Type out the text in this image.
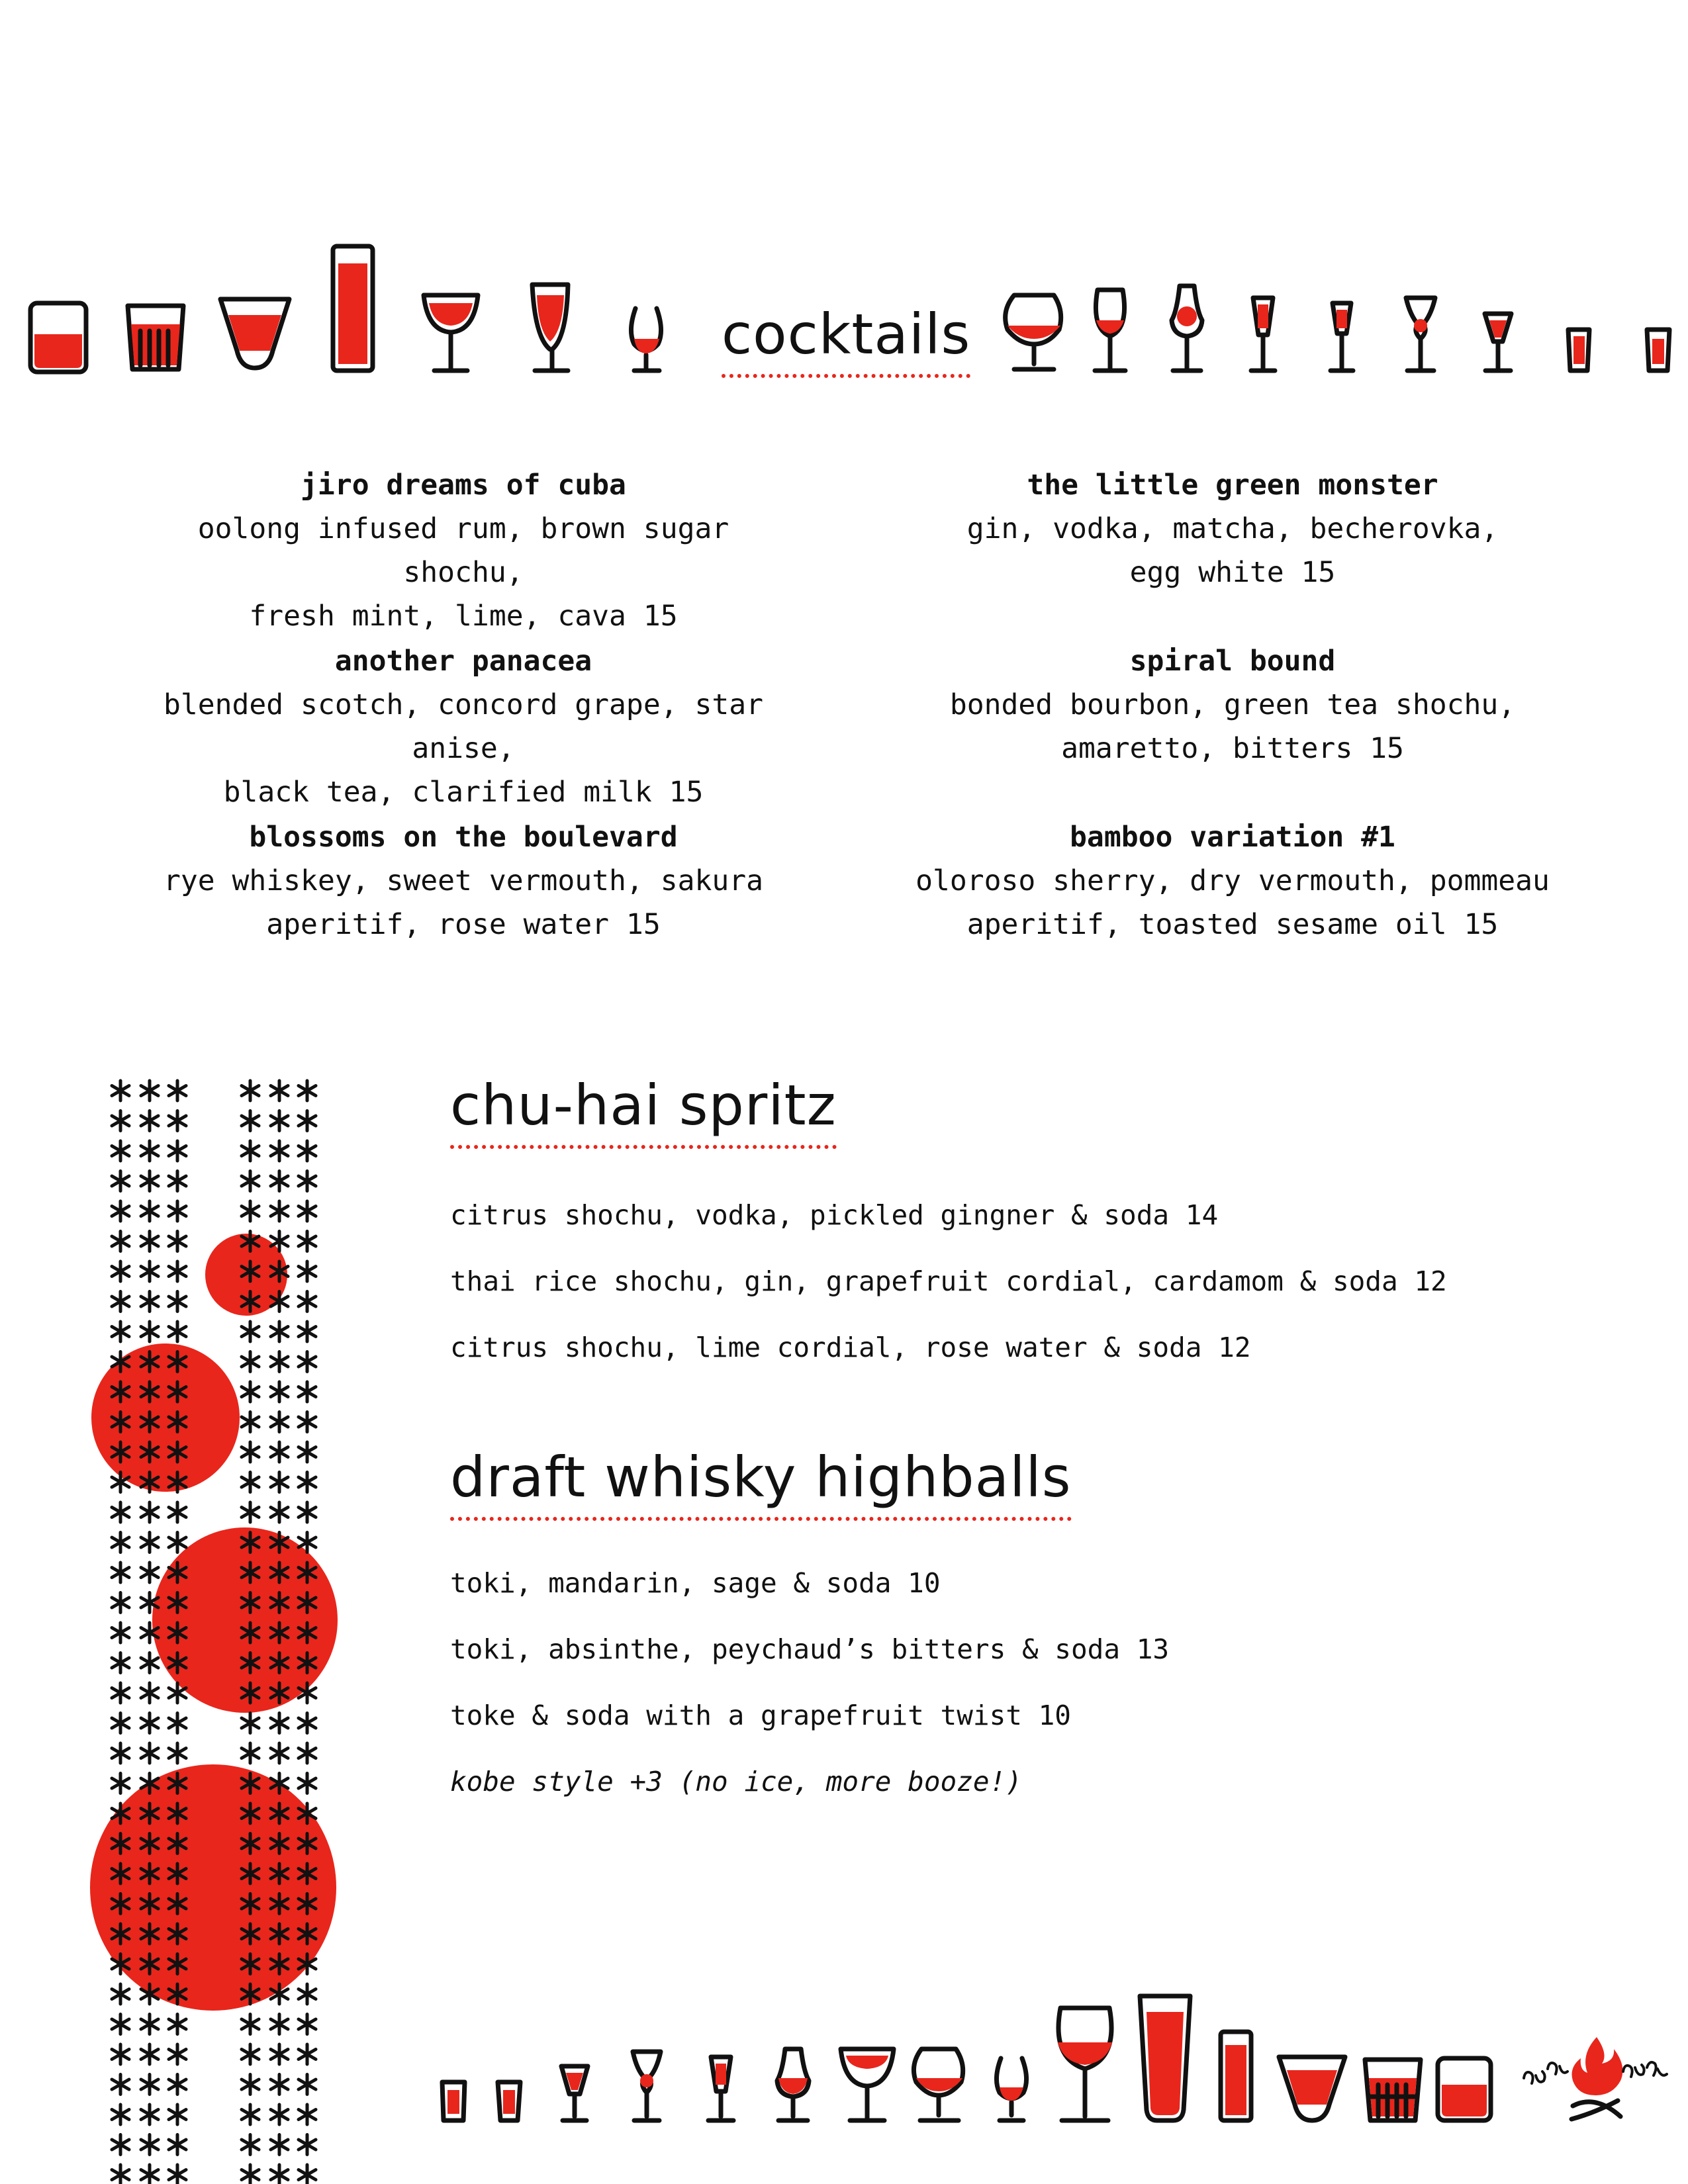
cocktails
jiro dreams of cuba
oolong infused rum, brown sugar shochu,
fresh mint, lime, cava 15
another panacea
blended scotch, concord grape, star anise,
black tea, clarified milk 15
blossoms on the boulevard
rye whiskey, sweet vermouth, sakura
aperitif, rose water 15
the little green monster
gin, vodka, matcha, becherovka,
egg white 15
spiral bound
bonded bourbon, green tea shochu,
amaretto, bitters 15
bamboo variation #1
oloroso sherry, dry vermouth, pommeau
aperitif, toasted sesame oil 15
chu-hai spritz
citrus shochu, vodka, pickled gingner & soda 14
thai rice shochu, gin, grapefruit cordial, cardamom & soda 12
citrus shochu, lime cordial, rose water & soda 12
draft whisky highballs
toki, mandarin, sage & soda 10
toki, absinthe, peychaud’s bitters & soda 13
toke & soda with a grapefruit twist 10
kobe style +3 (no ice, more booze!)
